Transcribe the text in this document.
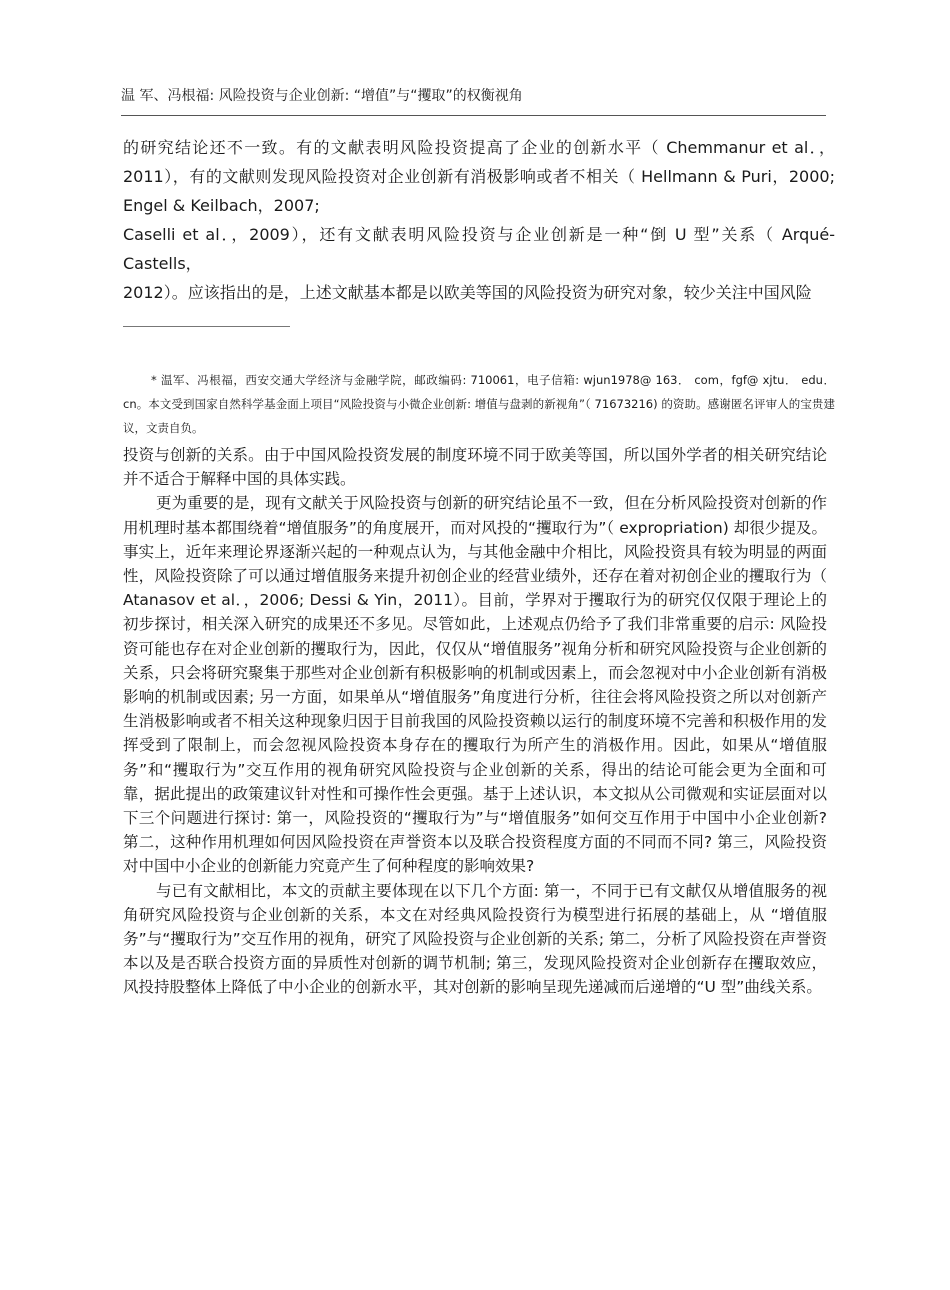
温 军、冯根福: 风险投资与企业创新: “增值”与“攫取”的权衡视角

的研究结论还不一致。有的文献表明风险投资提高了企业的创新水平（ Chemmanur et al．，2011），有的文献则发现风险投资对企业创新有消极影响或者不相关（ Hellmann & Puri，2000; Engel & Keilbach，2007;

Caselli et al．，2009），还有文献表明风险投资与企业创新是一种“倒 U 型”关系（ Arqué-Castells，

2012）。应该指出的是，上述文献基本都是以欧美等国的风险投资为研究对象，较少关注中国风险

* 温军、冯根福，西安交通大学经济与金融学院，邮政编码: 710061，电子信箱: wjun1978@ 163． com，fgf@ xjtu． edu． cn。本文受到国家自然科学基金面上项目“风险投资与小微企业创新: 增值与盘剥的新视角”（ 71673216) 的资助。感谢匿名评审人的宝贵建议，文责自负。

投资与创新的关系。由于中国风险投资发展的制度环境不同于欧美等国，所以国外学者的相关研究结论并不适合于解释中国的具体实践。

更为重要的是，现有文献关于风险投资与创新的研究结论虽不一致，但在分析风险投资对创新的作用机理时基本都围绕着“增值服务”的角度展开，而对风投的“攫取行为”（ expropriation) 却很少提及。事实上，近年来理论界逐渐兴起的一种观点认为，与其他金融中介相比，风险投资具有较为明显的两面性，风险投资除了可以通过增值服务来提升初创企业的经营业绩外，还存在着对初创企业的攫取行为（ Atanasov et al．，2006; Dessi & Yin，2011）。目前，学界对于攫取行为的研究仅仅限于理论上的初步探讨，相关深入研究的成果还不多见。尽管如此，上述观点仍给予了我们非常重要的启示: 风险投资可能也存在对企业创新的攫取行为，因此，仅仅从“增值服务”视角分析和研究风险投资与企业创新的关系，只会将研究聚集于那些对企业创新有积极影响的机制或因素上，而会忽视对中小企业创新有消极影响的机制或因素; 另一方面，如果单从“增值服务”角度进行分析，往往会将风险投资之所以对创新产生消极影响或者不相关这种现象归因于目前我国的风险投资赖以运行的制度环境不完善和积极作用的发挥受到了限制上，而会忽视风险投资本身存在的攫取行为所产生的消极作用。因此，如果从“增值服务”和“攫取行为”交互作用的视角研究风险投资与企业创新的关系，得出的结论可能会更为全面和可靠，据此提出的政策建议针对性和可操作性会更强。基于上述认识，本文拟从公司微观和实证层面对以下三个问题进行探讨: 第一，风险投资的“攫取行为”与“增值服务”如何交互作用于中国中小企业创新? 第二，这种作用机理如何因风险投资在声誉资本以及联合投资程度方面的不同而不同? 第三，风险投资对中国中小企业的创新能力究竟产生了何种程度的影响效果?

与已有文献相比，本文的贡献主要体现在以下几个方面: 第一，不同于已有文献仅从增值服务的视角研究风险投资与企业创新的关系，本文在对经典风险投资行为模型进行拓展的基础上，从 “增值服务”与“攫取行为”交互作用的视角，研究了风险投资与企业创新的关系; 第二，分析了风险投资在声誉资本以及是否联合投资方面的异质性对创新的调节机制; 第三，发现风险投资对企业创新存在攫取效应，风投持股整体上降低了中小企业的创新水平，其对创新的影响呈现先递减而后递增的“U 型”曲线关系。
